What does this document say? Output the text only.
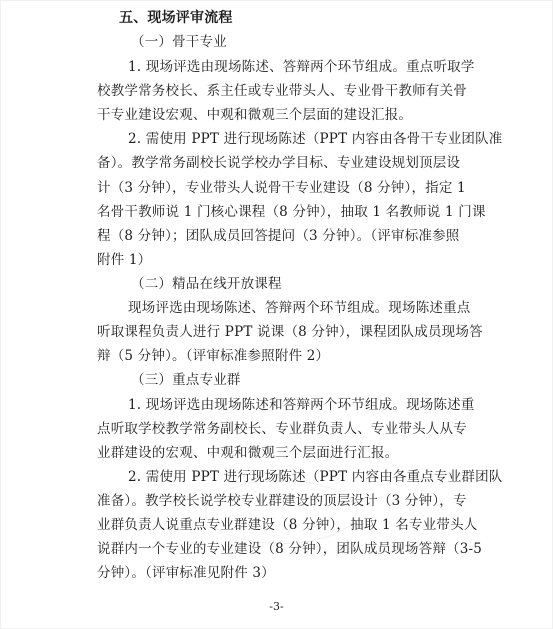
五、现场评审流程
（一）骨干专业
1. 现场评选由现场陈述、答辩两个环节组成。重点听取学
校教学常务校长、系主任或专业带头人、专业骨干教师有关骨
干专业建设宏观、中观和微观三个层面的建设汇报。
2. 需使用 PPT 进行现场陈述（PPT 内容由各骨干专业团队准
备）。教学常务副校长说学校办学目标、专业建设规划顶层设
计（3 分钟），专业带头人说骨干专业建设（8 分钟），指定 1
名骨干教师说 1 门核心课程（8 分钟），抽取 1 名教师说 1 门课
程（8 分钟）；团队成员回答提问（3 分钟）。（评审标准参照
附件 1）
（二）精品在线开放课程
现场评选由现场陈述、答辩两个环节组成。现场陈述重点
听取课程负责人进行 PPT 说课（8 分钟），课程团队成员现场答
辩（5 分钟）。（评审标准参照附件 2）
（三）重点专业群
1. 现场评选由现场陈述和答辩两个环节组成。现场陈述重
点听取学校教学常务副校长、专业群负责人、专业带头人从专
业群建设的宏观、中观和微观三个层面进行汇报。
2. 需使用 PPT 进行现场陈述（PPT 内容由各重点专业群团队
准备）。教学校长说学校专业群建设的顶层设计（3 分钟），专
业群负责人说重点专业群建设（8 分钟），抽取 1 名专业带头人
说群内一个专业的专业建设（8 分钟），团队成员现场答辩（3-5
分钟）。（评审标准见附件 3）
-3-
